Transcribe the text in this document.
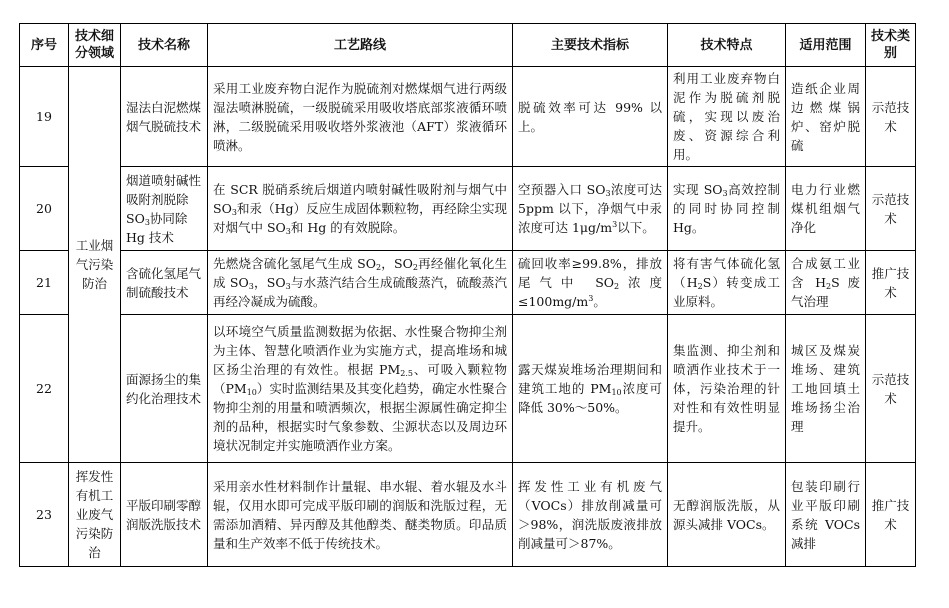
序号	技术细分领域	技术名称	工艺路线	主要技术指标	技术特点	适用范围	技术类别
19	工业烟气污染防治	湿法白泥燃煤烟气脱硫技术	采用工业废弃物白泥作为脱硫剂对燃煤烟气进行两级湿法喷淋脱硫，一级脱硫采用吸收塔底部浆液循环喷淋，二级脱硫采用吸收塔外浆液池（AFT）浆液循环喷淋。	脱硫效率可达 99% 以上。	利用工业废弃物白泥作为脱硫剂脱硫，实现以废治废、资源综合利用。	造纸企业周边燃煤锅炉、窑炉脱硫	示范技术
20		烟道喷射碱性吸附剂脱除 $SO_3$协同除 Hg 技术	在 SCR 脱硝系统后烟道内喷射碱性吸附剂与烟气中 $SO_3$和汞（Hg）反应生成固体颗粒物，再经除尘实现对烟气中 $SO_3$和 Hg 的有效脱除。	空预器入口 $SO_3$浓度可达 5ppm 以下，净烟气中汞浓度可达 $1\mu g/m^3$以下。	实现 $SO_3$高效控制的同时协同控制 Hg。	电力行业燃煤机组烟气净化	示范技术
21		含硫化氢尾气制硫酸技术	先燃烧含硫化氢尾气生成 $SO_2$，$SO_2$再经催化氧化生成 $SO_3$，$SO_3$与水蒸汽结合生成硫酸蒸汽，硫酸蒸汽再经冷凝成为硫酸。	硫回收率≥99.8%，排放尾气中 $SO_2$浓度$\le 100mg/m^3$。	将有害气体硫化氢$(H_2S)$转变成工业原料。	合成氨工业含 $H_2S$ 废气治理	推广技术
22		面源扬尘的集约化治理技术	以环境空气质量监测数据为依据、水性聚合物抑尘剂为主体、智慧化喷洒作业为实施方式，提高堆场和城区扬尘治理的有效性。根据 $PM_{2.5}$、可吸入颗粒物$(PM_{10})$实时监测结果及其变化趋势，确定水性聚合物抑尘剂的用量和喷洒频次，根据尘源属性确定抑尘剂的品种，根据实时气象参数、尘源状态以及周边环境状况制定并实施喷洒作业方案。	露天煤炭堆场治理期间和建筑工地的 $PM_{10}$浓度可降低 30%～50%。	集监测、抑尘剂和喷洒作业技术于一体，污染治理的针对性和有效性明显提升。	城区及煤炭堆场、建筑工地回填土堆场扬尘治理	示范技术
23	挥发性有机工业废气污染防治	平版印刷零醇润版洗版技术	采用亲水性材料制作计量辊、串水辊、着水辊及水斗辊，仅用水即可完成平版印刷的润版和洗版过程，无需添加酒精、异丙醇及其他醇类、醚类物质。印品质量和生产效率不低于传统技术。	挥发性工业有机废气（VOCs）排放削减量可＞98%，润洗版废液排放削减量可＞87%。	无醇润版洗版，从源头减排 VOCs。	包装印刷行业平版印刷系统 VOCs 减排	推广技术
